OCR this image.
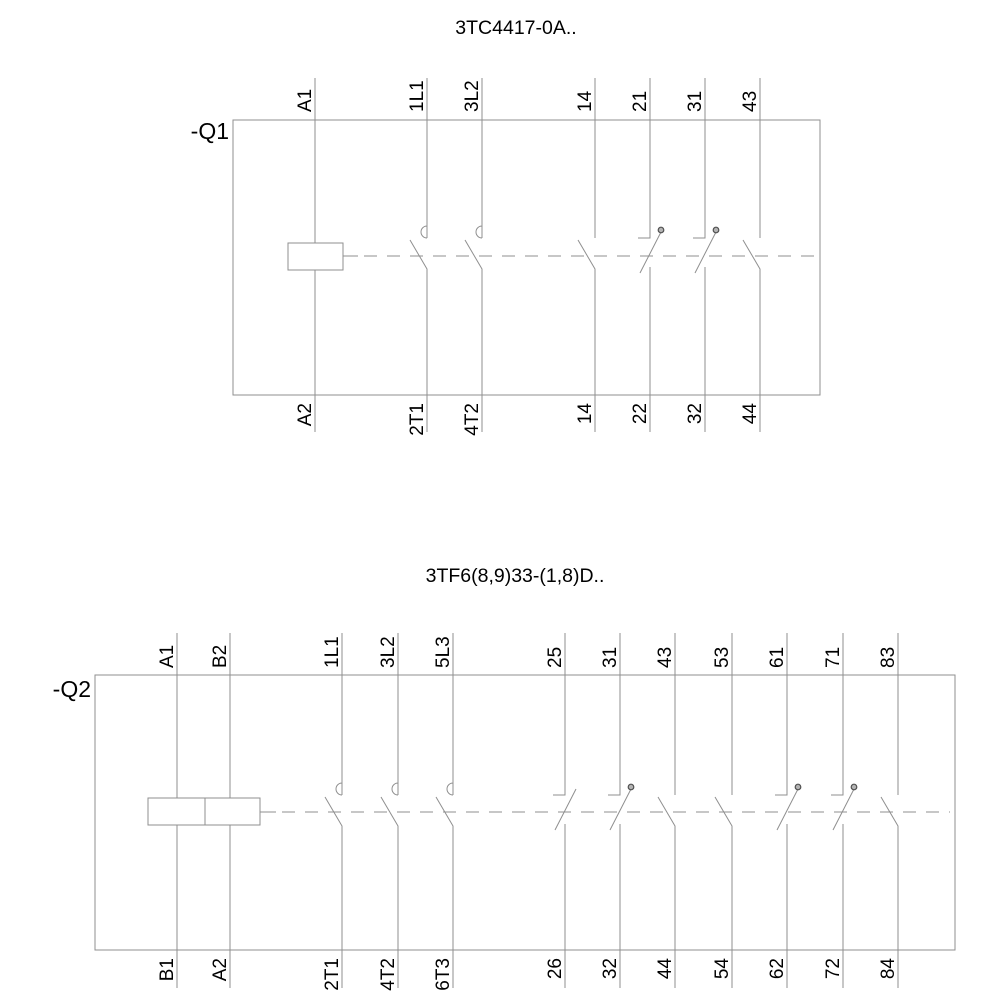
3TC4417-0A..
-Q1
A1
A2
1L1
2T1
3L2
4T2
14
14
21
22
31
32
43
44
3TF6(8,9)33-(1,8)D..
-Q2
A1
B1
B2
A2
1L1
2T1
3L2
4T2
5L3
6T3
25
26
31
32
43
44
53
54
61
62
71
72
83
84
